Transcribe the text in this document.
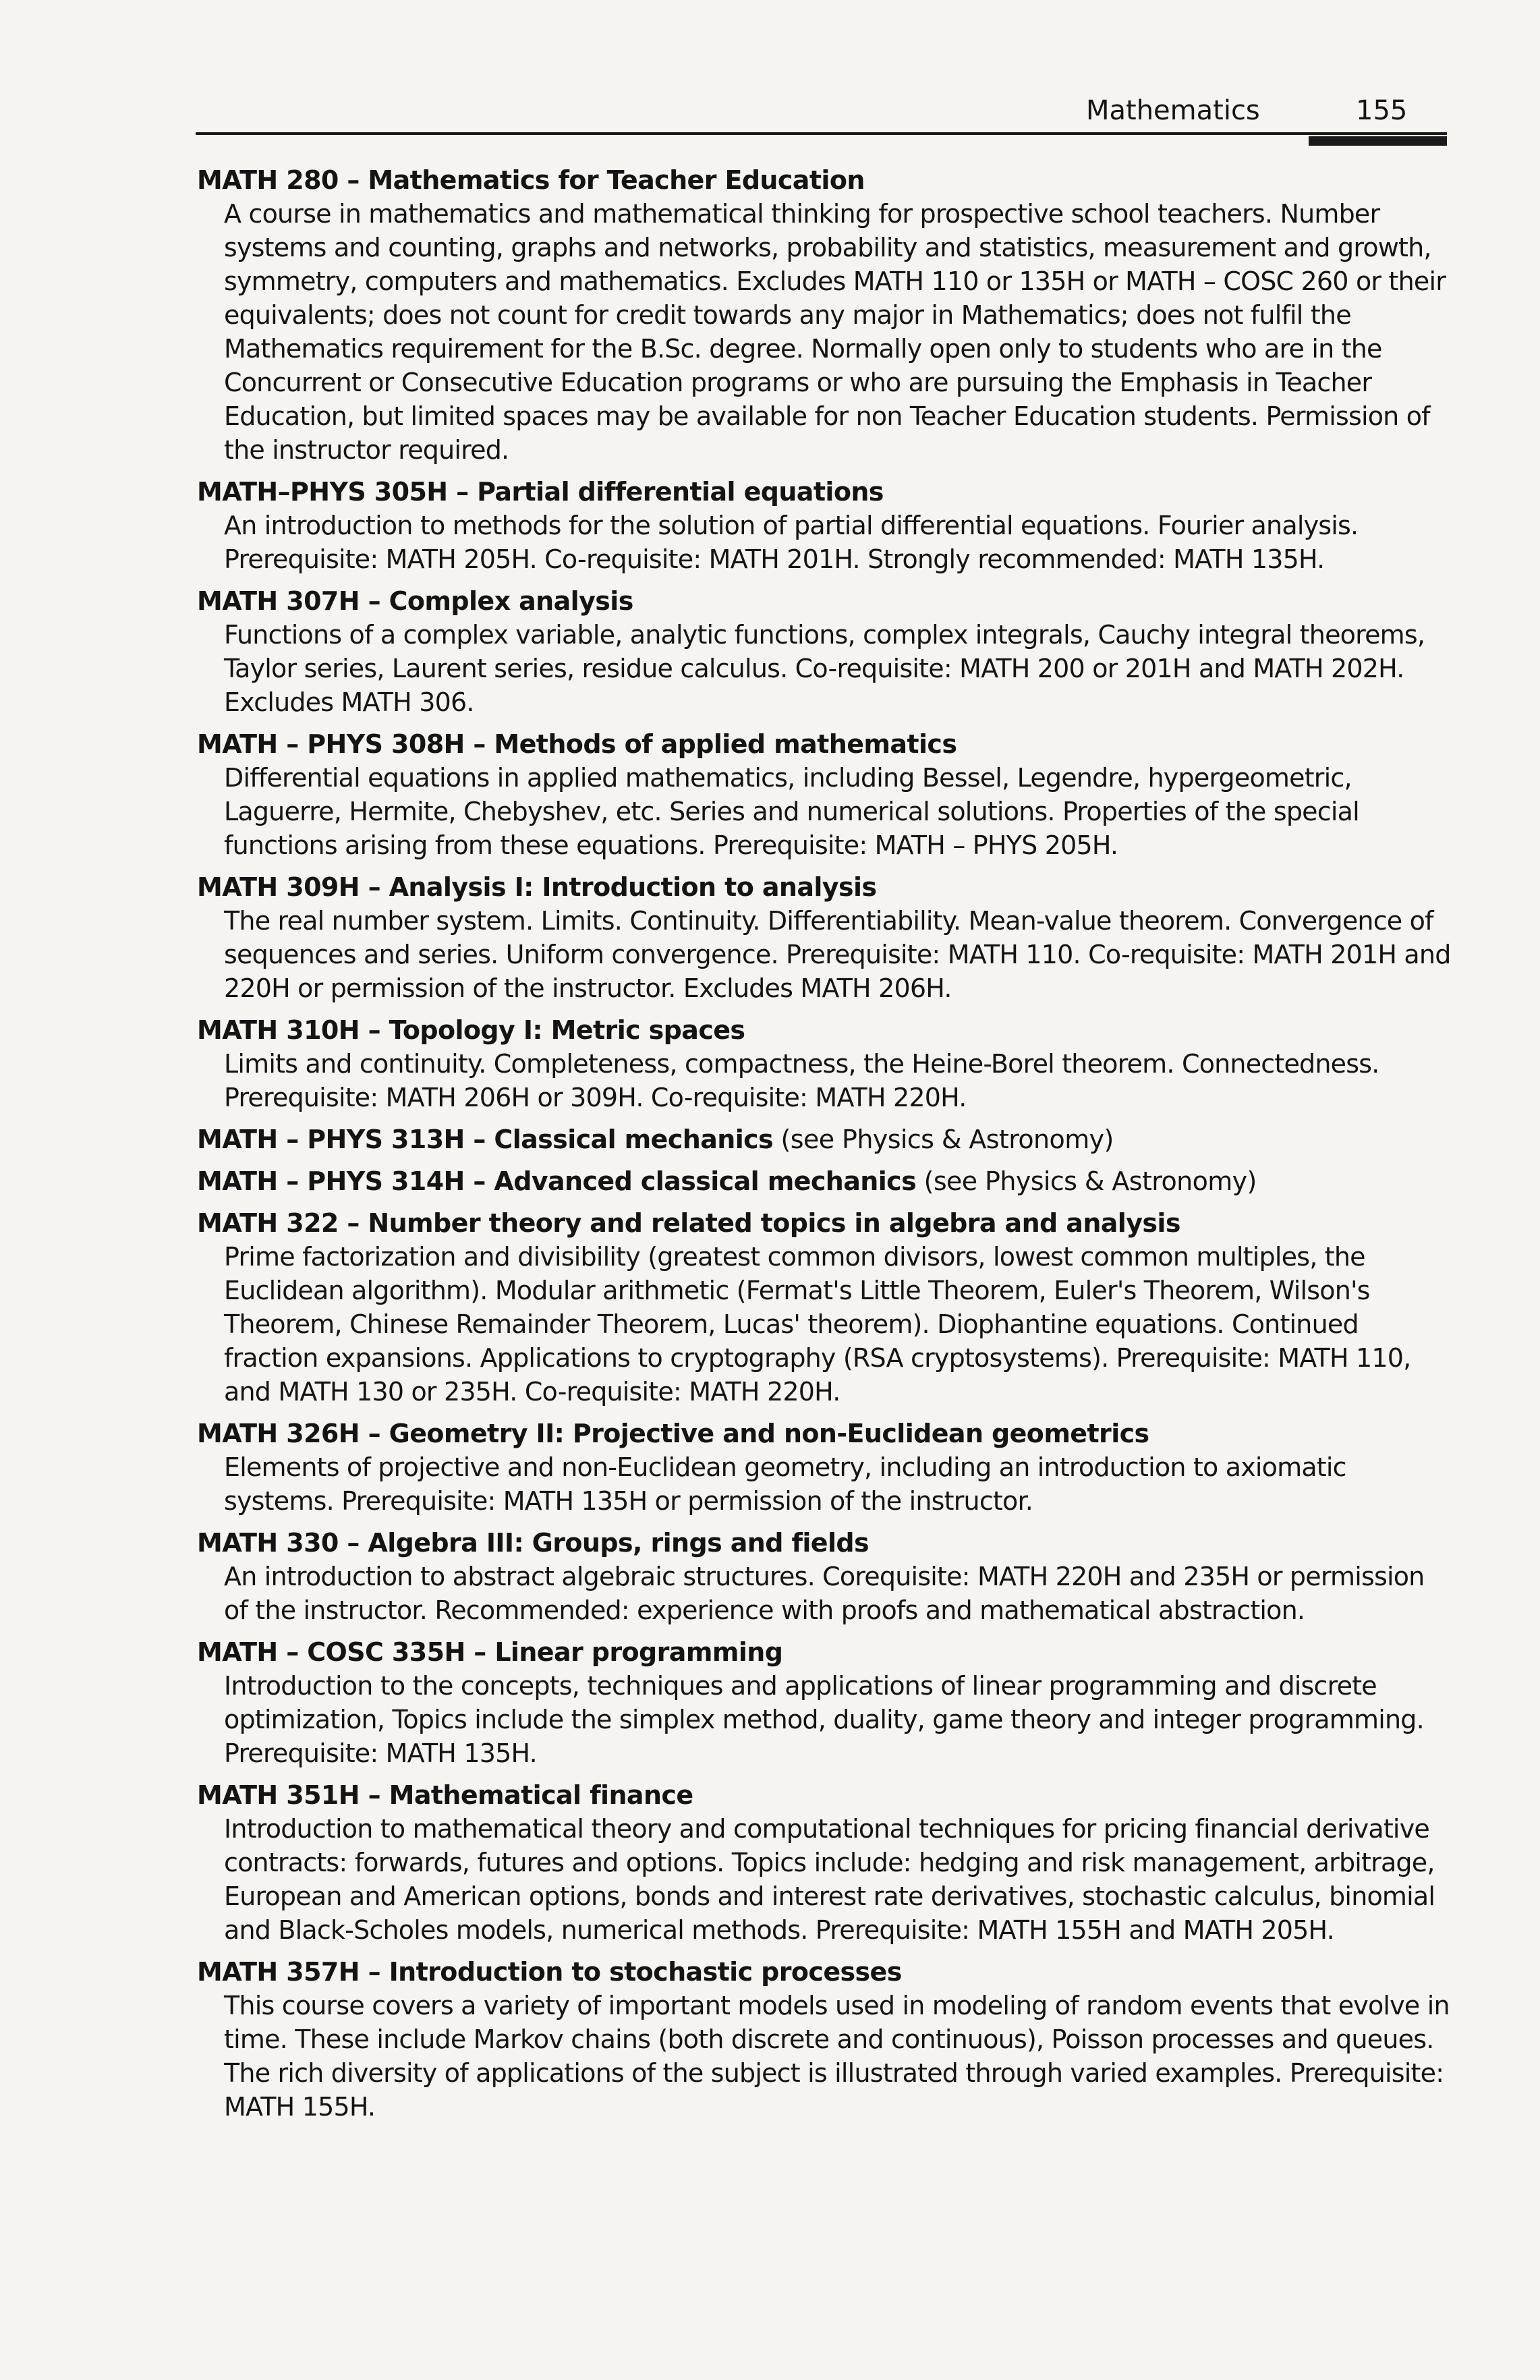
Mathematics	155
MATH 280 – Mathematics for Teacher Education
A course in mathematics and mathematical thinking for prospective school teachers. Number systems and counting, graphs and networks, probability and statistics, measurement and growth, symmetry, computers and mathematics. Excludes MATH 110 or 135H or MATH – COSC 260 or their equivalents; does not count for credit towards any major in Mathematics; does not fulfil the Mathematics requirement for the B.Sc. degree. Normally open only to students who are in the Concurrent or Consecutive Education programs or who are pursuing the Emphasis in Teacher Education, but limited spaces may be available for non Teacher Education students. Permission of the instructor required.
MATH–PHYS 305H – Partial differential equations
An introduction to methods for the solution of partial differential equations. Fourier analysis. Prerequisite: MATH 205H. Co-requisite: MATH 201H. Strongly recommended: MATH 135H.
MATH 307H – Complex analysis
Functions of a complex variable, analytic functions, complex integrals, Cauchy integral theorems, Taylor series, Laurent series, residue calculus. Co-requisite: MATH 200 or 201H and MATH 202H. Excludes MATH 306.
MATH – PHYS 308H – Methods of applied mathematics
Differential equations in applied mathematics, including Bessel, Legendre, hypergeometric, Laguerre, Hermite, Chebyshev, etc. Series and numerical solutions. Properties of the special functions arising from these equations. Prerequisite: MATH – PHYS 205H.
MATH 309H – Analysis I: Introduction to analysis
The real number system. Limits. Continuity. Differentiability. Mean-value theorem. Convergence of sequences and series. Uniform convergence. Prerequisite: MATH 110. Co-requisite: MATH 201H and 220H or permission of the instructor. Excludes MATH 206H.
MATH 310H – Topology I: Metric spaces
Limits and continuity. Completeness, compactness, the Heine-Borel theorem. Connectedness. Prerequisite: MATH 206H or 309H. Co-requisite: MATH 220H.
MATH – PHYS 313H – Classical mechanics (see Physics & Astronomy)
MATH – PHYS 314H – Advanced classical mechanics (see Physics & Astronomy)
MATH 322 – Number theory and related topics in algebra and analysis
Prime factorization and divisibility (greatest common divisors, lowest common multiples, the Euclidean algorithm). Modular arithmetic (Fermat's Little Theorem, Euler's Theorem, Wilson's Theorem, Chinese Remainder Theorem, Lucas' theorem). Diophantine equations. Continued fraction expansions. Applications to cryptography (RSA cryptosystems). Prerequisite: MATH 110, and MATH 130 or 235H. Co-requisite: MATH 220H.
MATH 326H – Geometry II: Projective and non-Euclidean geometrics
Elements of projective and non-Euclidean geometry, including an introduction to axiomatic systems. Prerequisite: MATH 135H or permission of the instructor.
MATH 330 – Algebra III: Groups, rings and fields
An introduction to abstract algebraic structures. Corequisite: MATH 220H and 235H or permission of the instructor. Recommended: experience with proofs and mathematical abstraction.
MATH – COSC 335H – Linear programming
Introduction to the concepts, techniques and applications of linear programming and discrete optimization, Topics include the simplex method, duality, game theory and integer programming. Prerequisite: MATH 135H.
MATH 351H – Mathematical finance
Introduction to mathematical theory and computational techniques for pricing financial derivative contracts: forwards, futures and options. Topics include: hedging and risk management, arbitrage, European and American options, bonds and interest rate derivatives, stochastic calculus, binomial and Black-Scholes models, numerical methods. Prerequisite: MATH 155H and MATH 205H.
MATH 357H – Introduction to stochastic processes
This course covers a variety of important models used in modeling of random events that evolve in time. These include Markov chains (both discrete and continuous), Poisson processes and queues. The rich diversity of applications of the subject is illustrated through varied examples. Prerequisite: MATH 155H.
